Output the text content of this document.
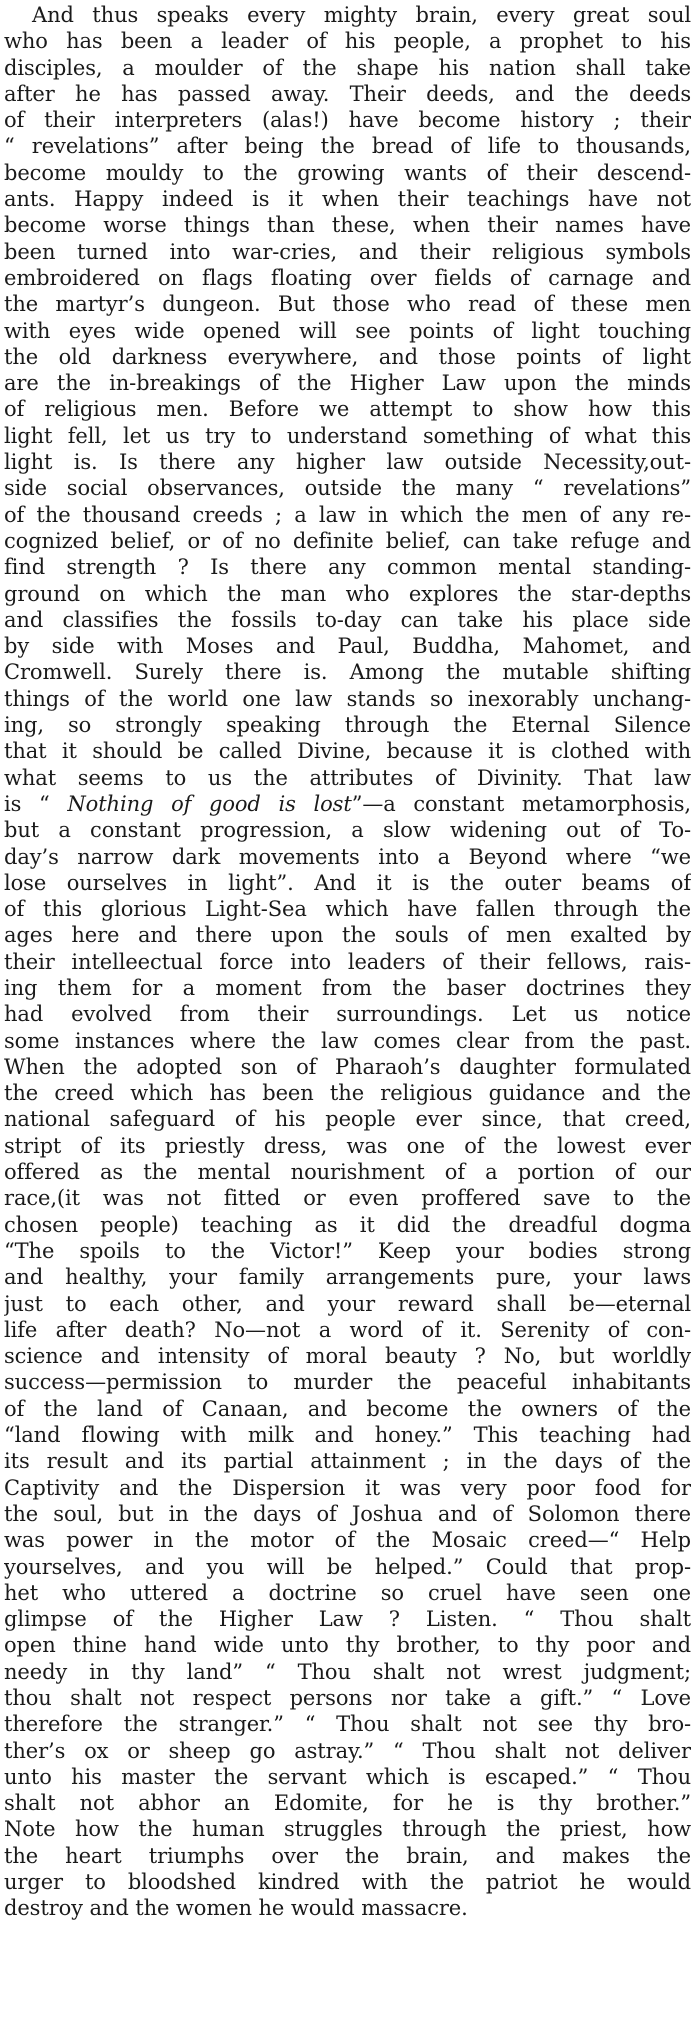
And thus speaks every mighty brain, every great soul
who has been a leader of his people, a prophet to his
disciples, a moulder of the shape his nation shall take
after he has passed away. Their deeds, and the deeds
of their interpreters (alas!) have become history ; their
“ revelations” after being the bread of life to thousands,
become mouldy to the growing wants of their descend-
ants. Happy indeed is it when their teachings have not
become worse things than these, when their names have
been turned into war-cries, and their religious symbols
embroidered on flags floating over fields of carnage and
the martyr’s dungeon. But those who read of these men
with eyes wide opened will see points of light touching
the old darkness everywhere, and those points of light
are the in-breakings of the Higher Law upon the minds
of religious men. Before we attempt to show how this
light fell, let us try to understand something of what this
light is. Is there any higher law outside Necessity,out-
side social observances, outside the many “ revelations”
of the thousand creeds ; a law in which the men of any re-
cognized belief, or of no definite belief, can take refuge and
find strength ? Is there any common mental standing-
ground on which the man who explores the star-depths
and classifies the fossils to-day can take his place side
by side with Moses and Paul, Buddha, Mahomet, and
Cromwell. Surely there is. Among the mutable shifting
things of the world one law stands so inexorably unchang-
ing, so strongly speaking through the Eternal Silence
that it should be called Divine, because it is clothed with
what seems to us the attributes of Divinity. That law
is “ Nothing of good is lost”—a constant metamorphosis,
but a constant progression, a slow widening out of To-
day’s narrow dark movements into a Beyond where “we
lose ourselves in light”. And it is the outer beams of
of this glorious Light-Sea which have fallen through the
ages here and there upon the souls of men exalted by
their intelleectual force into leaders of their fellows, rais-
ing them for a moment from the baser doctrines they
had evolved from their surroundings. Let us notice
some instances where the law comes clear from the past.
When the adopted son of Pharaoh’s daughter formulated
the creed which has been the religious guidance and the
national safeguard of his people ever since, that creed,
stript of its priestly dress, was one of the lowest ever
offered as the mental nourishment of a portion of our
race,(it was not fitted or even proffered save to the
chosen people) teaching as it did the dreadful dogma
“The spoils to the Victor!” Keep your bodies strong
and healthy, your family arrangements pure, your laws
just to each other, and your reward shall be—eternal
life after death? No—not a word of it. Serenity of con-
science and intensity of moral beauty ? No, but worldly
success—permission to murder the peaceful inhabitants
of the land of Canaan, and become the owners of the
“land flowing with milk and honey.” This teaching had
its result and its partial attainment ; in the days of the
Captivity and the Dispersion it was very poor food for
the soul, but in the days of Joshua and of Solomon there
was power in the motor of the Mosaic creed—“ Help
yourselves, and you will be helped.” Could that prop-
het who uttered a doctrine so cruel have seen one
glimpse of the Higher Law ? Listen. “ Thou shalt
open thine hand wide unto thy brother, to thy poor and
needy in thy land” “ Thou shalt not wrest judgment;
thou shalt not respect persons nor take a gift.” “ Love
therefore the stranger.” “ Thou shalt not see thy bro-
ther’s ox or sheep go astray.” “ Thou shalt not deliver
unto his master the servant which is escaped.” “ Thou
shalt not abhor an Edomite, for he is thy brother.”
Note how the human struggles through the priest, how
the heart triumphs over the brain, and makes the
urger to bloodshed kindred with the patriot he would
destroy and the women he would massacre.
